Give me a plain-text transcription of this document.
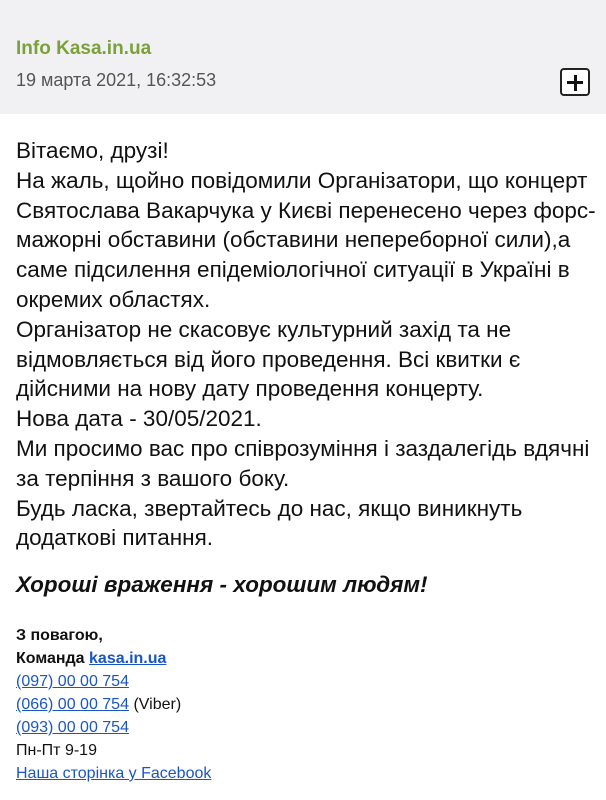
Info Kasa.in.ua
19 марта 2021, 16:32:53

Вітаємо, друзі!

На жаль, щойно повідомили Організатори, що концерт Святослава Вакарчука у Києві перенесено через форс-мажорні обставини (обставини непереборної сили),а саме підсилення епідеміологічної ситуації в Україні в окремих областях.

Організатор не скасовує культурний захід та не відмовляється від його проведення. Всі квитки є дійсними на нову дату проведення концерту.

Нова дата - 30/05/2021.

Ми просимо вас про співрозуміння і заздалегідь вдячні за терпіння з вашого боку.

Будь ласка, звертайтесь до нас, якщо виникнуть додаткові питання.

Хороші враження - хорошим людям!
З повагою,
Команда kasa.in.ua
(097) 00 00 754
(066) 00 00 754 (Viber)
(093) 00 00 754
Пн-Пт 9-19
Наша сторінка у Facebook
